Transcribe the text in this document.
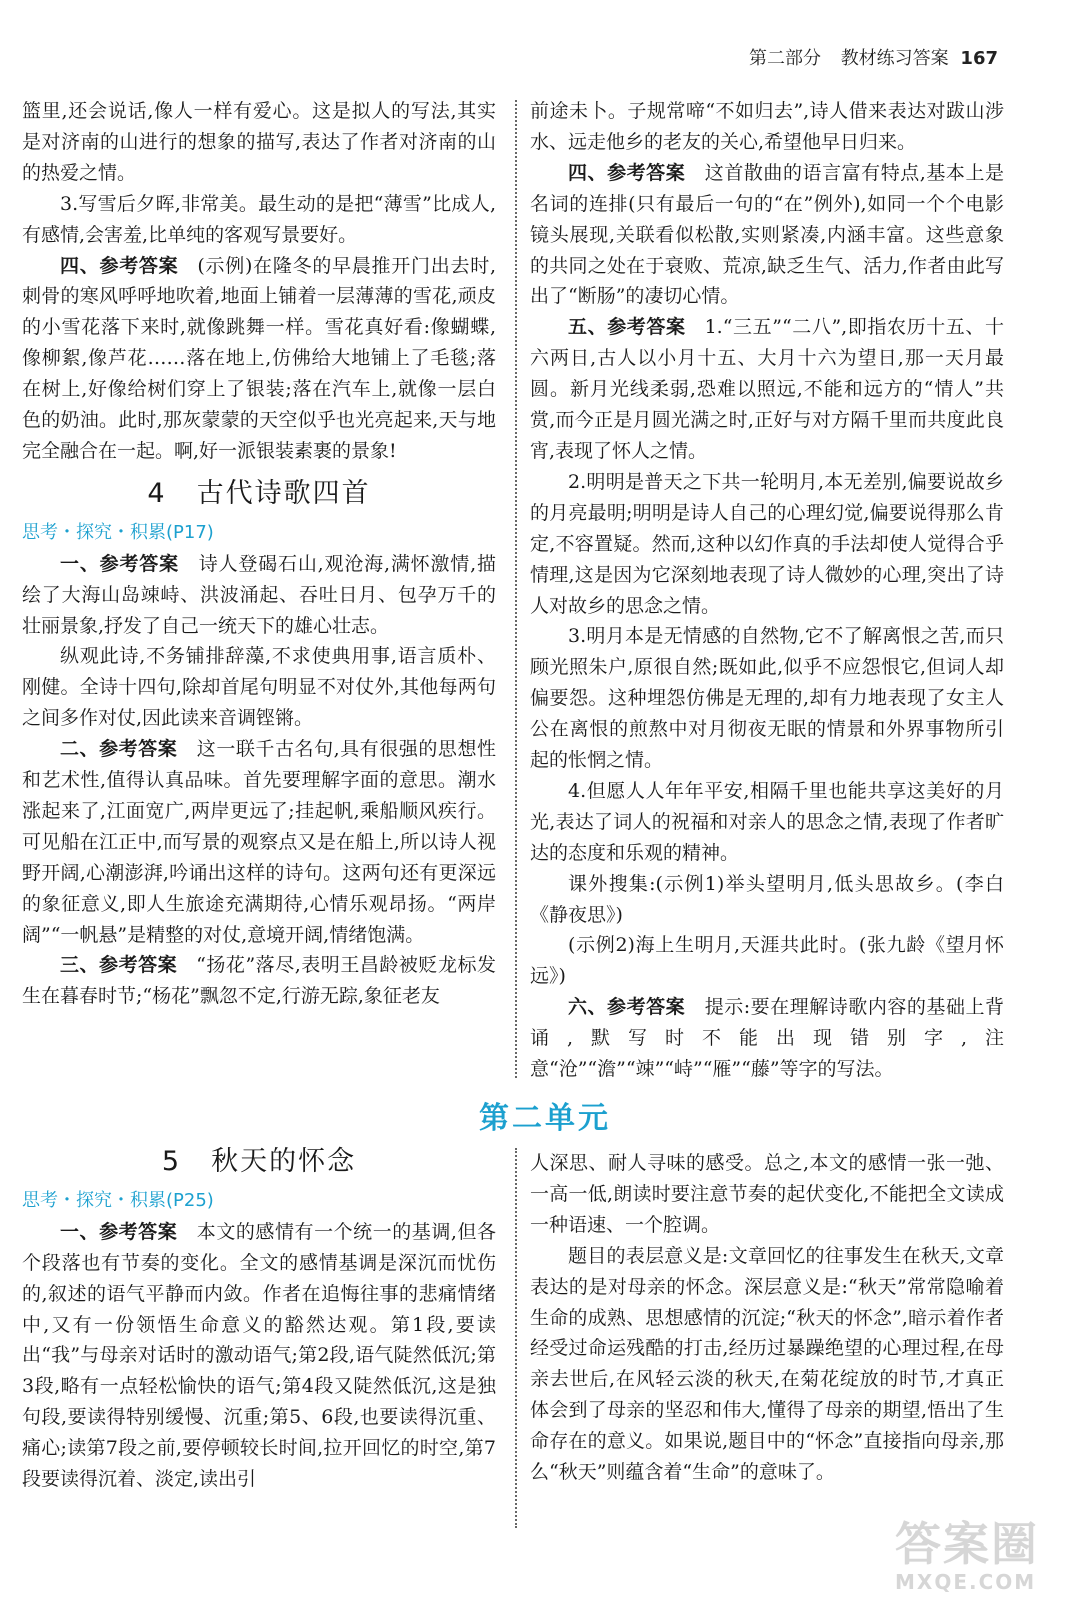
第二部分 教材练习答案 167

篮里,还会说话,像人一样有爱心。这是拟人的写法,其实是对济南的山进行的想象的描写,表达了作者对济南的山的热爱之情。

3.写雪后夕晖,非常美。最生动的是把“薄雪”比成人,有感情,会害羞,比单纯的客观写景要好。

四、参考答案  (示例)在隆冬的早晨推开门出去时,刺骨的寒风呼呼地吹着,地面上铺着一层薄薄的雪花,顽皮的小雪花落下来时,就像跳舞一样。雪花真好看:像蝴蝶,像柳絮,像芦花……落在地上,仿佛给大地铺上了毛毯;落在树上,好像给树们穿上了银装;落在汽车上,就像一层白色的奶油。此时,那灰蒙蒙的天空似乎也光亮起来,天与地完全融合在一起。啊,好一派银装素裹的景象!

4 古代诗歌四首
思考・探究・积累(P17)

一、参考答案  诗人登碣石山,观沧海,满怀激情,描绘了大海山岛竦峙、洪波涌起、吞吐日月、包孕万千的壮丽景象,抒发了自己一统天下的雄心壮志。

纵观此诗,不务铺排辞藻,不求使典用事,语言质朴、刚健。全诗十四句,除却首尾句明显不对仗外,其他每两句之间多作对仗,因此读来音调铿锵。

二、参考答案  这一联千古名句,具有很强的思想性和艺术性,值得认真品味。首先要理解字面的意思。潮水涨起来了,江面宽广,两岸更远了;挂起帆,乘船顺风疾行。可见船在江正中,而写景的观察点又是在船上,所以诗人视野开阔,心潮澎湃,吟诵出这样的诗句。这两句还有更深远的象征意义,即人生旅途充满期待,心情乐观昂扬。“两岸阔”“一帆悬”是精整的对仗,意境开阔,情绪饱满。

三、参考答案  “扬花”落尽,表明王昌龄被贬龙标发生在暮春时节;“杨花”飘忽不定,行游无踪,象征老友

前途未卜。子规常啼“不如归去”,诗人借来表达对跋山涉水、远走他乡的老友的关心,希望他早日归来。

四、参考答案  这首散曲的语言富有特点,基本上是名词的连排(只有最后一句的“在”例外),如同一个个电影镜头展现,关联看似松散,实则紧凑,内涵丰富。这些意象的共同之处在于衰败、荒凉,缺乏生气、活力,作者由此写出了“断肠”的凄切心情。

五、参考答案  1.“三五”“二八”,即指农历十五、十六两日,古人以小月十五、大月十六为望日,那一天月最圆。新月光线柔弱,恐难以照远,不能和远方的“情人”共赏,而今正是月圆光满之时,正好与对方隔千里而共度此良宵,表现了怀人之情。

2.明明是普天之下共一轮明月,本无差别,偏要说故乡的月亮最明;明明是诗人自己的心理幻觉,偏要说得那么肯定,不容置疑。然而,这种以幻作真的手法却使人觉得合乎情理,这是因为它深刻地表现了诗人微妙的心理,突出了诗人对故乡的思念之情。

3.明月本是无情感的自然物,它不了解离恨之苦,而只顾光照朱户,原很自然;既如此,似乎不应怨恨它,但词人却偏要怨。这种埋怨仿佛是无理的,却有力地表现了女主人公在离恨的煎熬中对月彻夜无眠的情景和外界事物所引起的怅惘之情。

4.但愿人人年年平安,相隔千里也能共享这美好的月光,表达了词人的祝福和对亲人的思念之情,表现了作者旷达的态度和乐观的精神。

课外搜集:(示例1)举头望明月,低头思故乡。(李白《静夜思》)

(示例2)海上生明月,天涯共此时。(张九龄《望月怀远》)

六、参考答案  提示:要在理解诗歌内容的基础上背诵,默写时不能出现错别字,注意“沧”“澹”“竦”“峙”“雁”“藤”等字的写法。

第二单元
5 秋天的怀念
思考・探究・积累(P25)

一、参考答案  本文的感情有一个统一的基调,但各个段落也有节奏的变化。全文的感情基调是深沉而忧伤的,叙述的语气平静而内敛。作者在追悔往事的悲痛情绪中,又有一份领悟生命意义的豁然达观。第1段,要读出“我”与母亲对话时的激动语气;第2段,语气陡然低沉;第3段,略有一点轻松愉快的语气;第4段又陡然低沉,这是独句段,要读得特别缓慢、沉重;第5、6段,也要读得沉重、痛心;读第7段之前,要停顿较长时间,拉开回忆的时空,第7段要读得沉着、淡定,读出引

人深思、耐人寻味的感受。总之,本文的感情一张一弛、一高一低,朗读时要注意节奏的起伏变化,不能把全文读成一种语速、一个腔调。

题目的表层意义是:文章回忆的往事发生在秋天,文章表达的是对母亲的怀念。深层意义是:“秋天”常常隐喻着生命的成熟、思想感情的沉淀;“秋天的怀念”,暗示着作者经受过命运残酷的打击,经历过暴躁绝望的心理过程,在母亲去世后,在风轻云淡的秋天,在菊花绽放的时节,才真正体会到了母亲的坚忍和伟大,懂得了母亲的期望,悟出了生命存在的意义。如果说,题目中的“怀念”直接指向母亲,那么“秋天”则蕴含着“生命”的意味了。

答案圈
MXQE.COM
